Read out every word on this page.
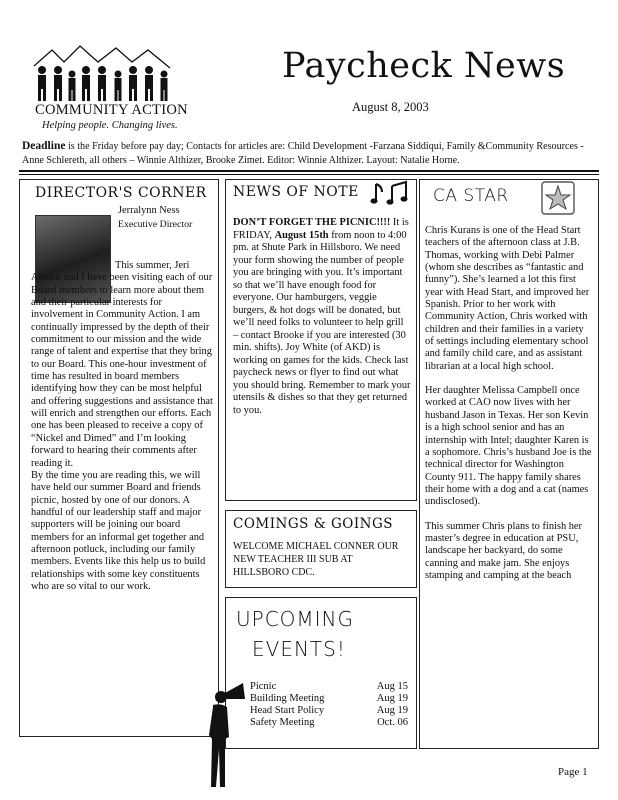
COMMUNITY ACTION
Helping people. Changing lives.
Paycheck News
August 8, 2003
Deadline is the Friday before pay day; Contacts for articles are: Child Development -Farzana Siddiqui, Family &Community Resources -Anne Schlereth, all others – Winnie Althizer, Brooke Zimet. Editor: Winnie Althizer. Layout: Natalie Horne.
DIRECTOR'S CORNER
Jerralynn Ness
Executive Director

This summer, Jeri Alcock and I have been visiting each of our Board members to learn more about them and their particular interests for involvement in Community Action. I am continually impressed by the depth of their commitment to our mission and the wide range of talent and expertise that they bring to our Board. This one-hour investment of time has resulted in board members identifying how they can be most helpful and offering suggestions and assistance that will enrich and strengthen our efforts. Each one has been pleased to receive a copy of “Nickel and Dimed” and I’m looking forward to hearing their comments after reading it.

By the time you are reading this, we will have held our summer Board and friends picnic, hosted by one of our donors. A handful of our leadership staff and major supporters will be joining our board members for an informal get together and afternoon potluck, including our family members. Events like this help us to build relationships with some key constituents who are so vital to our work.

NEWS OF NOTE
DON’T FORGET THE PICNIC!!!! It is FRIDAY, August 15th from noon to 4:00 pm. at Shute Park in Hillsboro. We need your form showing the number of people you are bringing with you. It’s important so that we’ll have enough food for everyone. Our hamburgers, veggie burgers, & hot dogs will be donated, but we’ll need folks to volunteer to help grill – contact Brooke if you are interested (30 min. shifts). Joy White (of AKD) is working on games for the kids. Check last paycheck news or flyer to find out what you should bring. Remember to mark your utensils & dishes so that they get returned to you.
COMINGS & GOINGS
WELCOME MICHAEL CONNER OUR NEW TEACHER III SUB AT HILLSBORO CDC.
UPCOMING
EVENTS!
Picnic	Aug 15
Building Meeting	Aug 19
Head Start Policy	Aug 19
Safety Meeting	Oct. 06
CA STAR

Chris Kurans is one of the Head Start teachers of the afternoon class at J.B. Thomas, working with Debi Palmer (whom she describes as “fantastic and funny”). She’s learned a lot this first year with Head Start, and improved her Spanish. Prior to her work with Community Action, Chris worked with children and their families in a variety of settings including elementary school and family child care, and as assistant librarian at a local high school.

Her daughter Melissa Campbell once worked at CAO now lives with her husband Jason in Texas. Her son Kevin is a high school senior and has an internship with Intel; daughter Karen is a sophomore. Chris’s husband Joe is the technical director for Washington County 911. The happy family shares their home with a dog and a cat (names undisclosed).

This summer Chris plans to finish her master’s degree in education at PSU, landscape her backyard, do some canning and make jam. She enjoys stamping and camping at the beach

Page 1
